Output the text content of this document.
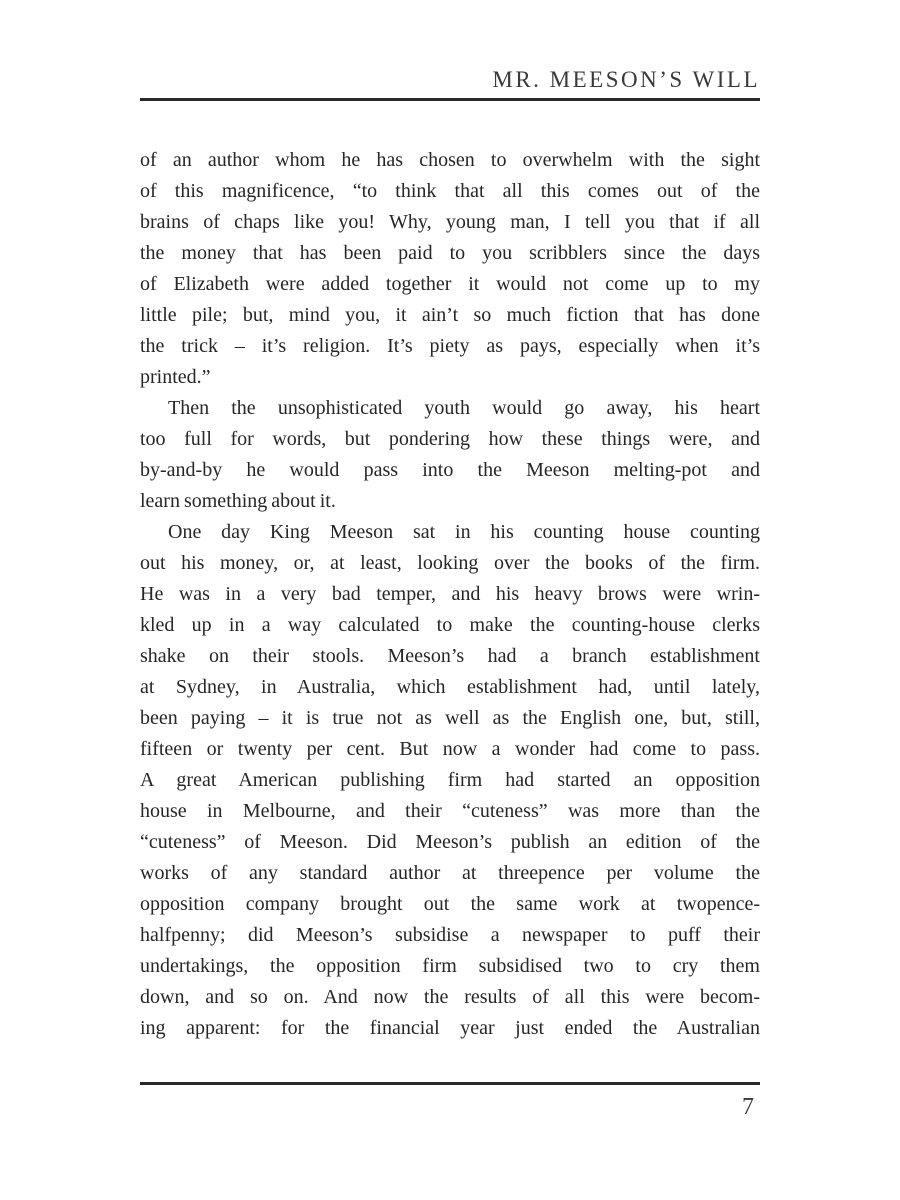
MR. MEESON’S WILL
of an author whom he has chosen to overwhelm with the sight
of this magnificence, “to think that all this comes out of the
brains of chaps like you! Why, young man, I tell you that if all
the money that has been paid to you scribblers since the days
of Elizabeth were added together it would not come up to my
little pile; but, mind you, it ain’t so much fiction that has done
the trick – it’s religion. It’s piety as pays, especially when it’s
printed.”
Then the unsophisticated youth would go away, his heart
too full for words, but pondering how these things were, and
by-and-by he would pass into the Meeson melting-pot and
learn something about it.
One day King Meeson sat in his counting house counting
out his money, or, at least, looking over the books of the firm.
He was in a very bad temper, and his heavy brows were wrin-
kled up in a way calculated to make the counting-house clerks
shake on their stools. Meeson’s had a branch establishment
at Sydney, in Australia, which establishment had, until lately,
been paying – it is true not as well as the English one, but, still,
fifteen or twenty per cent. But now a wonder had come to pass.
A great American publishing firm had started an opposition
house in Melbourne, and their “cuteness” was more than the
“cuteness” of Meeson. Did Meeson’s publish an edition of the
works of any standard author at threepence per volume the
opposition company brought out the same work at twopence-
halfpenny; did Meeson’s subsidise a newspaper to puff their
undertakings, the opposition firm subsidised two to cry them
down, and so on. And now the results of all this were becom-
ing apparent: for the financial year just ended the Australian
7
